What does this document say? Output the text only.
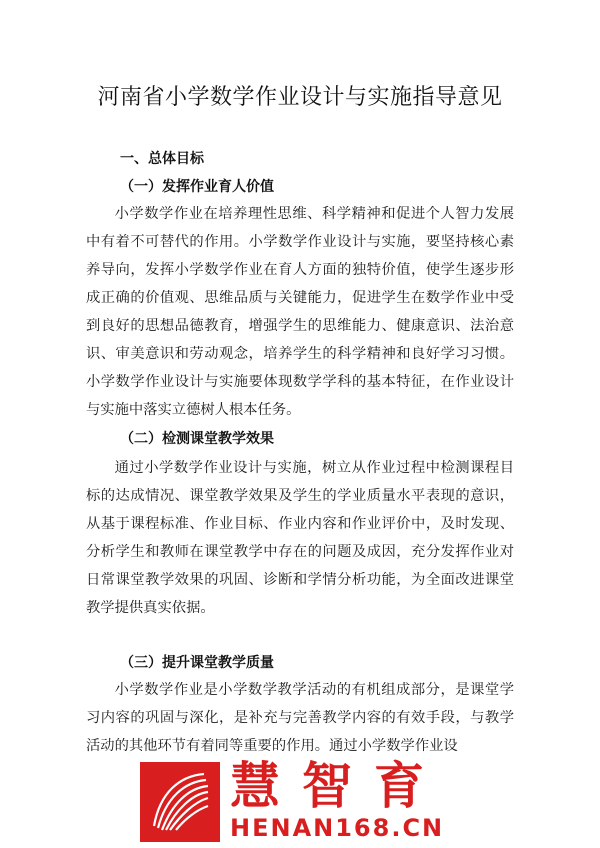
河南省小学数学作业设计与实施指导意见
一、总体目标
（一）发挥作业育人价值
小学数学作业在培养理性思维、科学精神和促进个人智力发展中有着不可替代的作用。小学数学作业设计与实施，要坚持核心素养导向，发挥小学数学作业在育人方面的独特价值，使学生逐步形成正确的价值观、思维品质与关键能力，促进学生在数学作业中受到良好的思想品德教育，增强学生的思维能力、健康意识、法治意识、审美意识和劳动观念，培养学生的科学精神和良好学习习惯。小学数学作业设计与实施要体现数学学科的基本特征，在作业设计与实施中落实立德树人根本任务。
（二）检测课堂教学效果
通过小学数学作业设计与实施，树立从作业过程中检测课程目标的达成情况、课堂教学效果及学生的学业质量水平表现的意识，从基于课程标准、作业目标、作业内容和作业评价中，及时发现、分析学生和教师在课堂教学中存在的问题及成因，充分发挥作业对日常课堂教学效果的巩固、诊断和学情分析功能，为全面改进课堂教学提供真实依据。
（三）提升课堂教学质量
小学数学作业是小学数学教学活动的有机组成部分，是课堂学习内容的巩固与深化，是补充与完善教学内容的有效手段，与教学活动的其他环节有着同等重要的作用。通过小学数学作业设
慧智育
HENAN168.CN
